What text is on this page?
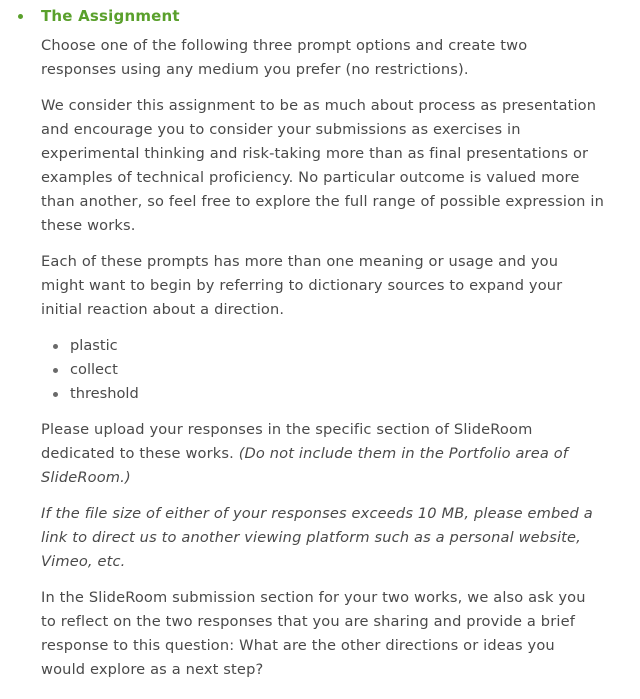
The Assignment

Choose one of the following three prompt options and create two
responses using any medium you prefer (no restrictions).

We consider this assignment to be as much about process as presentation
and encourage you to consider your submissions as exercises in
experimental thinking and risk-taking more than as final presentations or
examples of technical proficiency. No particular outcome is valued more
than another, so feel free to explore the full range of possible expression in
these works.

Each of these prompts has more than one meaning or usage and you
might want to begin by referring to dictionary sources to expand your
initial reaction about a direction.

plastic
collect
threshold

Please upload your responses in the specific section of SlideRoom
dedicated to these works. (Do not include them in the Portfolio area of
SlideRoom.)

If the file size of either of your responses exceeds 10 MB, please embed a
link to direct us to another viewing platform such as a personal website,
Vimeo, etc.

In the SlideRoom submission section for your two works, we also ask you
to reflect on the two responses that you are sharing and provide a brief
response to this question: What are the other directions or ideas you
would explore as a next step?
